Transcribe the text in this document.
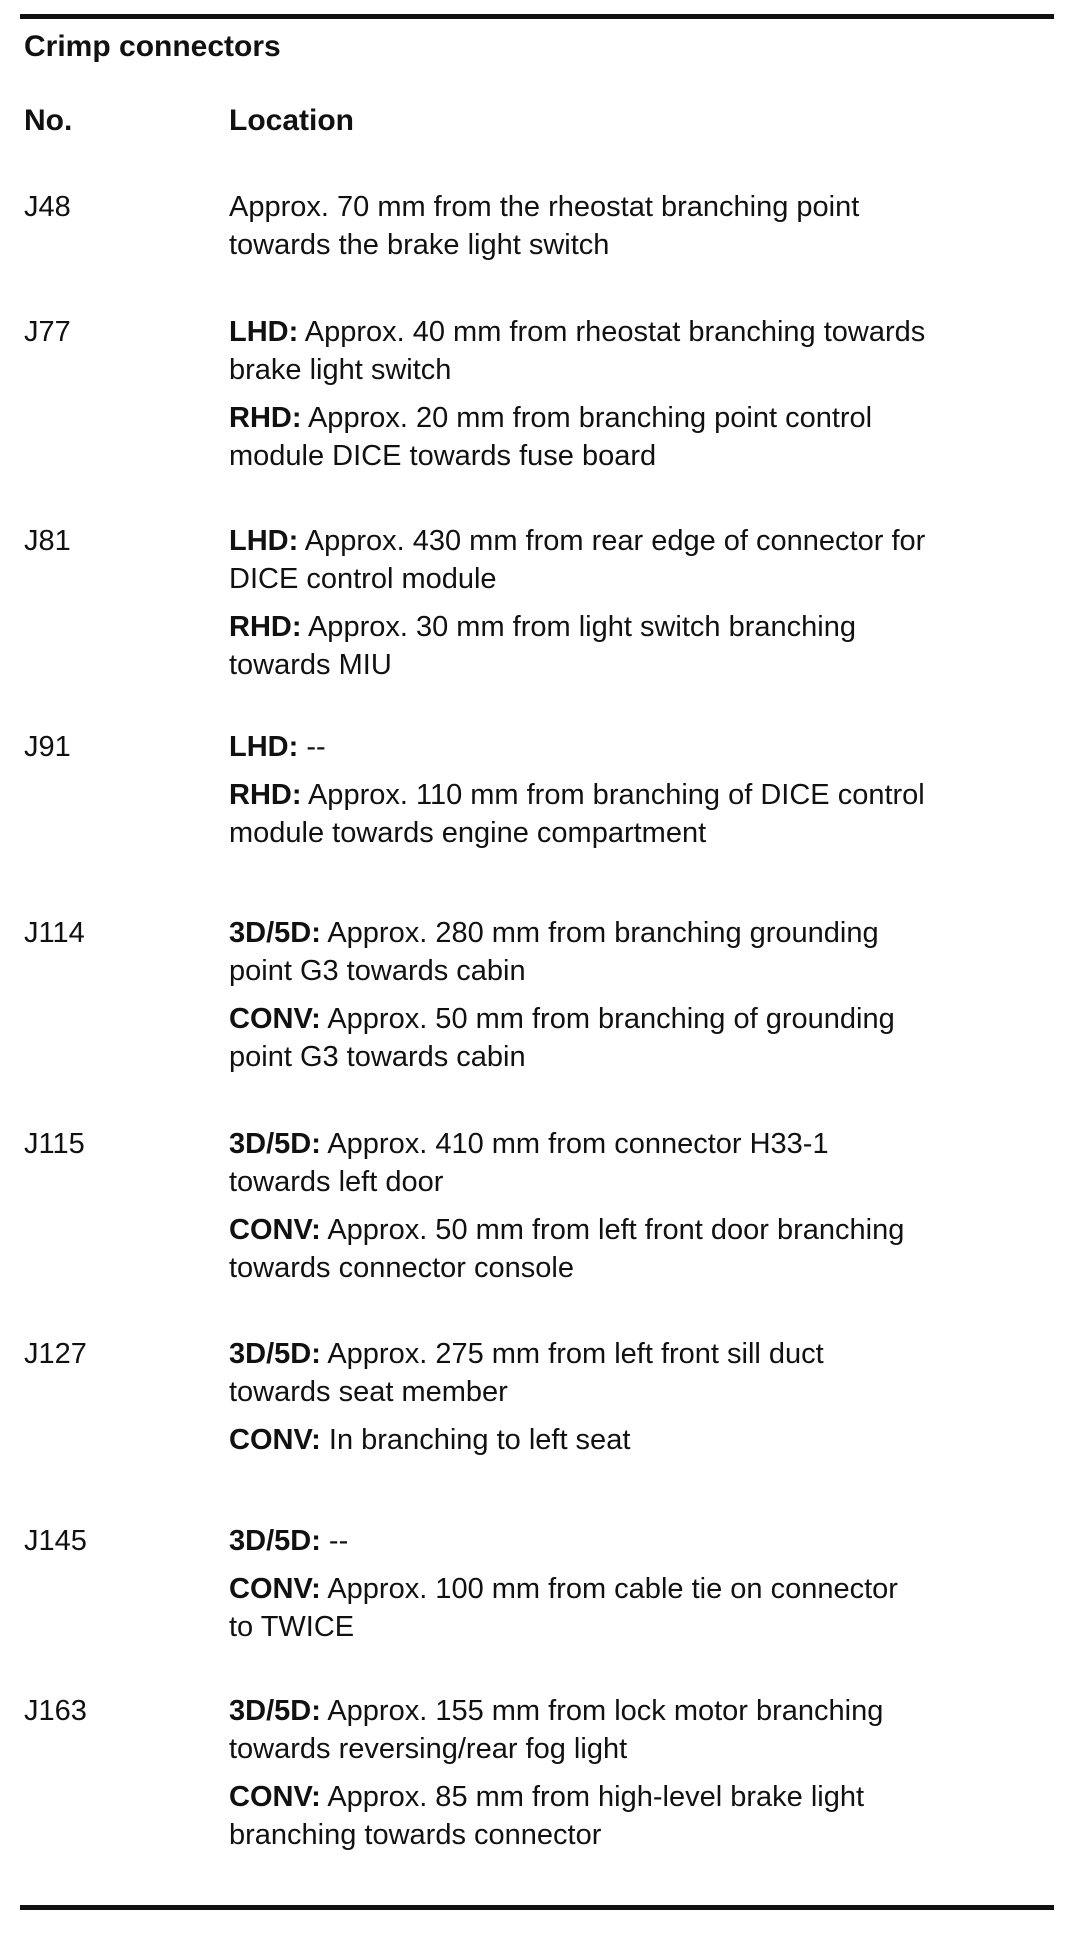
Crimp connectors
No.	Location
J48	Approx. 70 mm from the rheostat branching point towards the brake light switch

J77	LHD: Approx. 40 mm from rheostat branching towards brake light switch

RHD: Approx. 20 mm from branching point control module DICE towards fuse board

J81	LHD: Approx. 430 mm from rear edge of connector for DICE control module

RHD: Approx. 30 mm from light switch branching towards MIU

J91	LHD: --

RHD: Approx. 110 mm from branching of DICE control module towards engine compartment

J114	3D/5D: Approx. 280 mm from branching grounding point G3 towards cabin

CONV: Approx. 50 mm from branching of grounding point G3 towards cabin

J115	3D/5D: Approx. 410 mm from connector H33-1 towards left door

CONV: Approx. 50 mm from left front door branching towards connector console

J127	3D/5D: Approx. 275 mm from left front sill duct towards seat member

CONV: In branching to left seat

J145	3D/5D: --

CONV: Approx. 100 mm from cable tie on connector to TWICE

J163	3D/5D: Approx. 155 mm from lock motor branching towards reversing/rear fog light

CONV: Approx. 85 mm from high-level brake light branching towards connector
